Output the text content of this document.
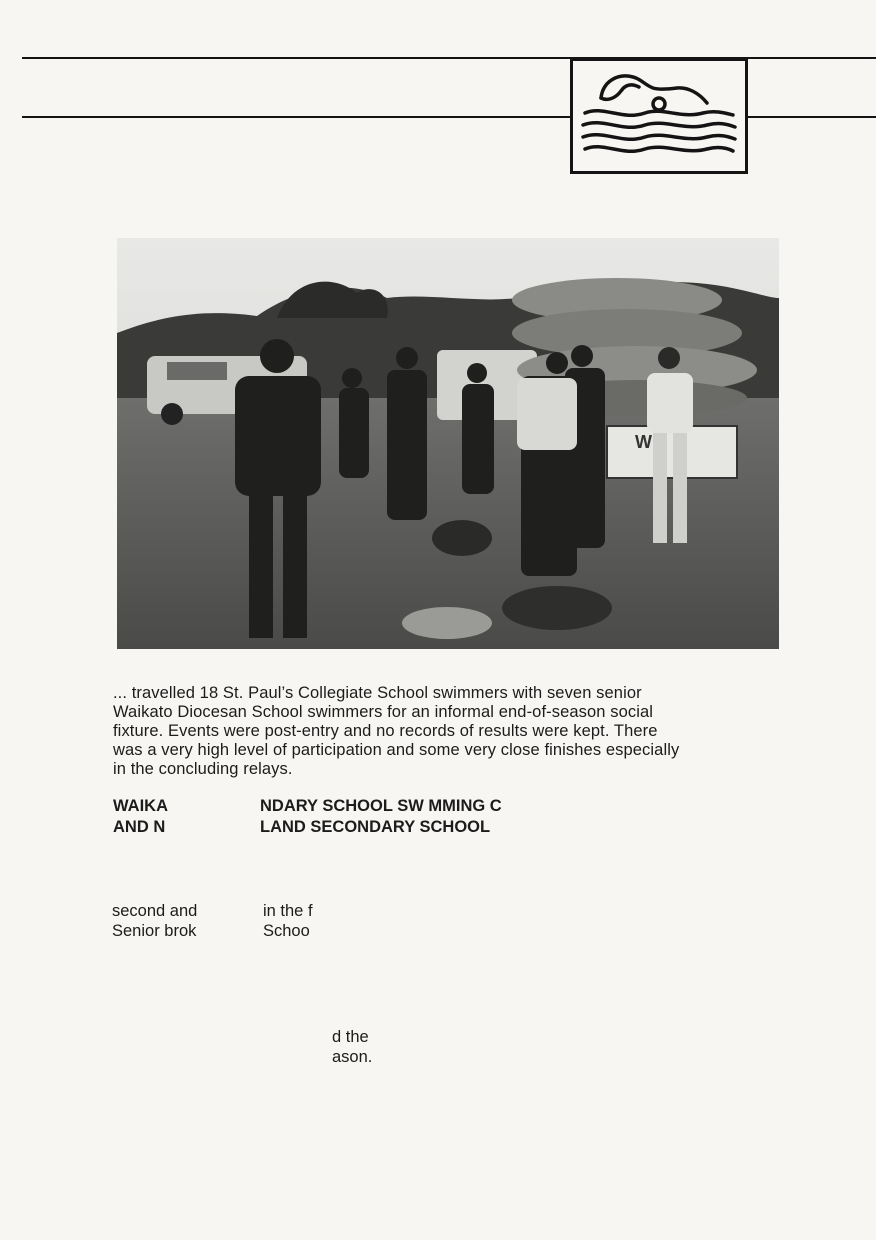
W
... travelled 18 St. Paul’s Collegiate School swimmers with seven senior
Waikato Diocesan School swimmers for an informal end-of-season social
fixture. Events were post-entry and no records of results were kept. There
was a very high level of participation and some very close finishes especially
in the concluding relays.
WAIKA
AND N
NDARY SCHOOL SW MMING C
LAND SECONDARY SCHOOL
second and
Senior brok
in the f
Schoo
d the
ason.
